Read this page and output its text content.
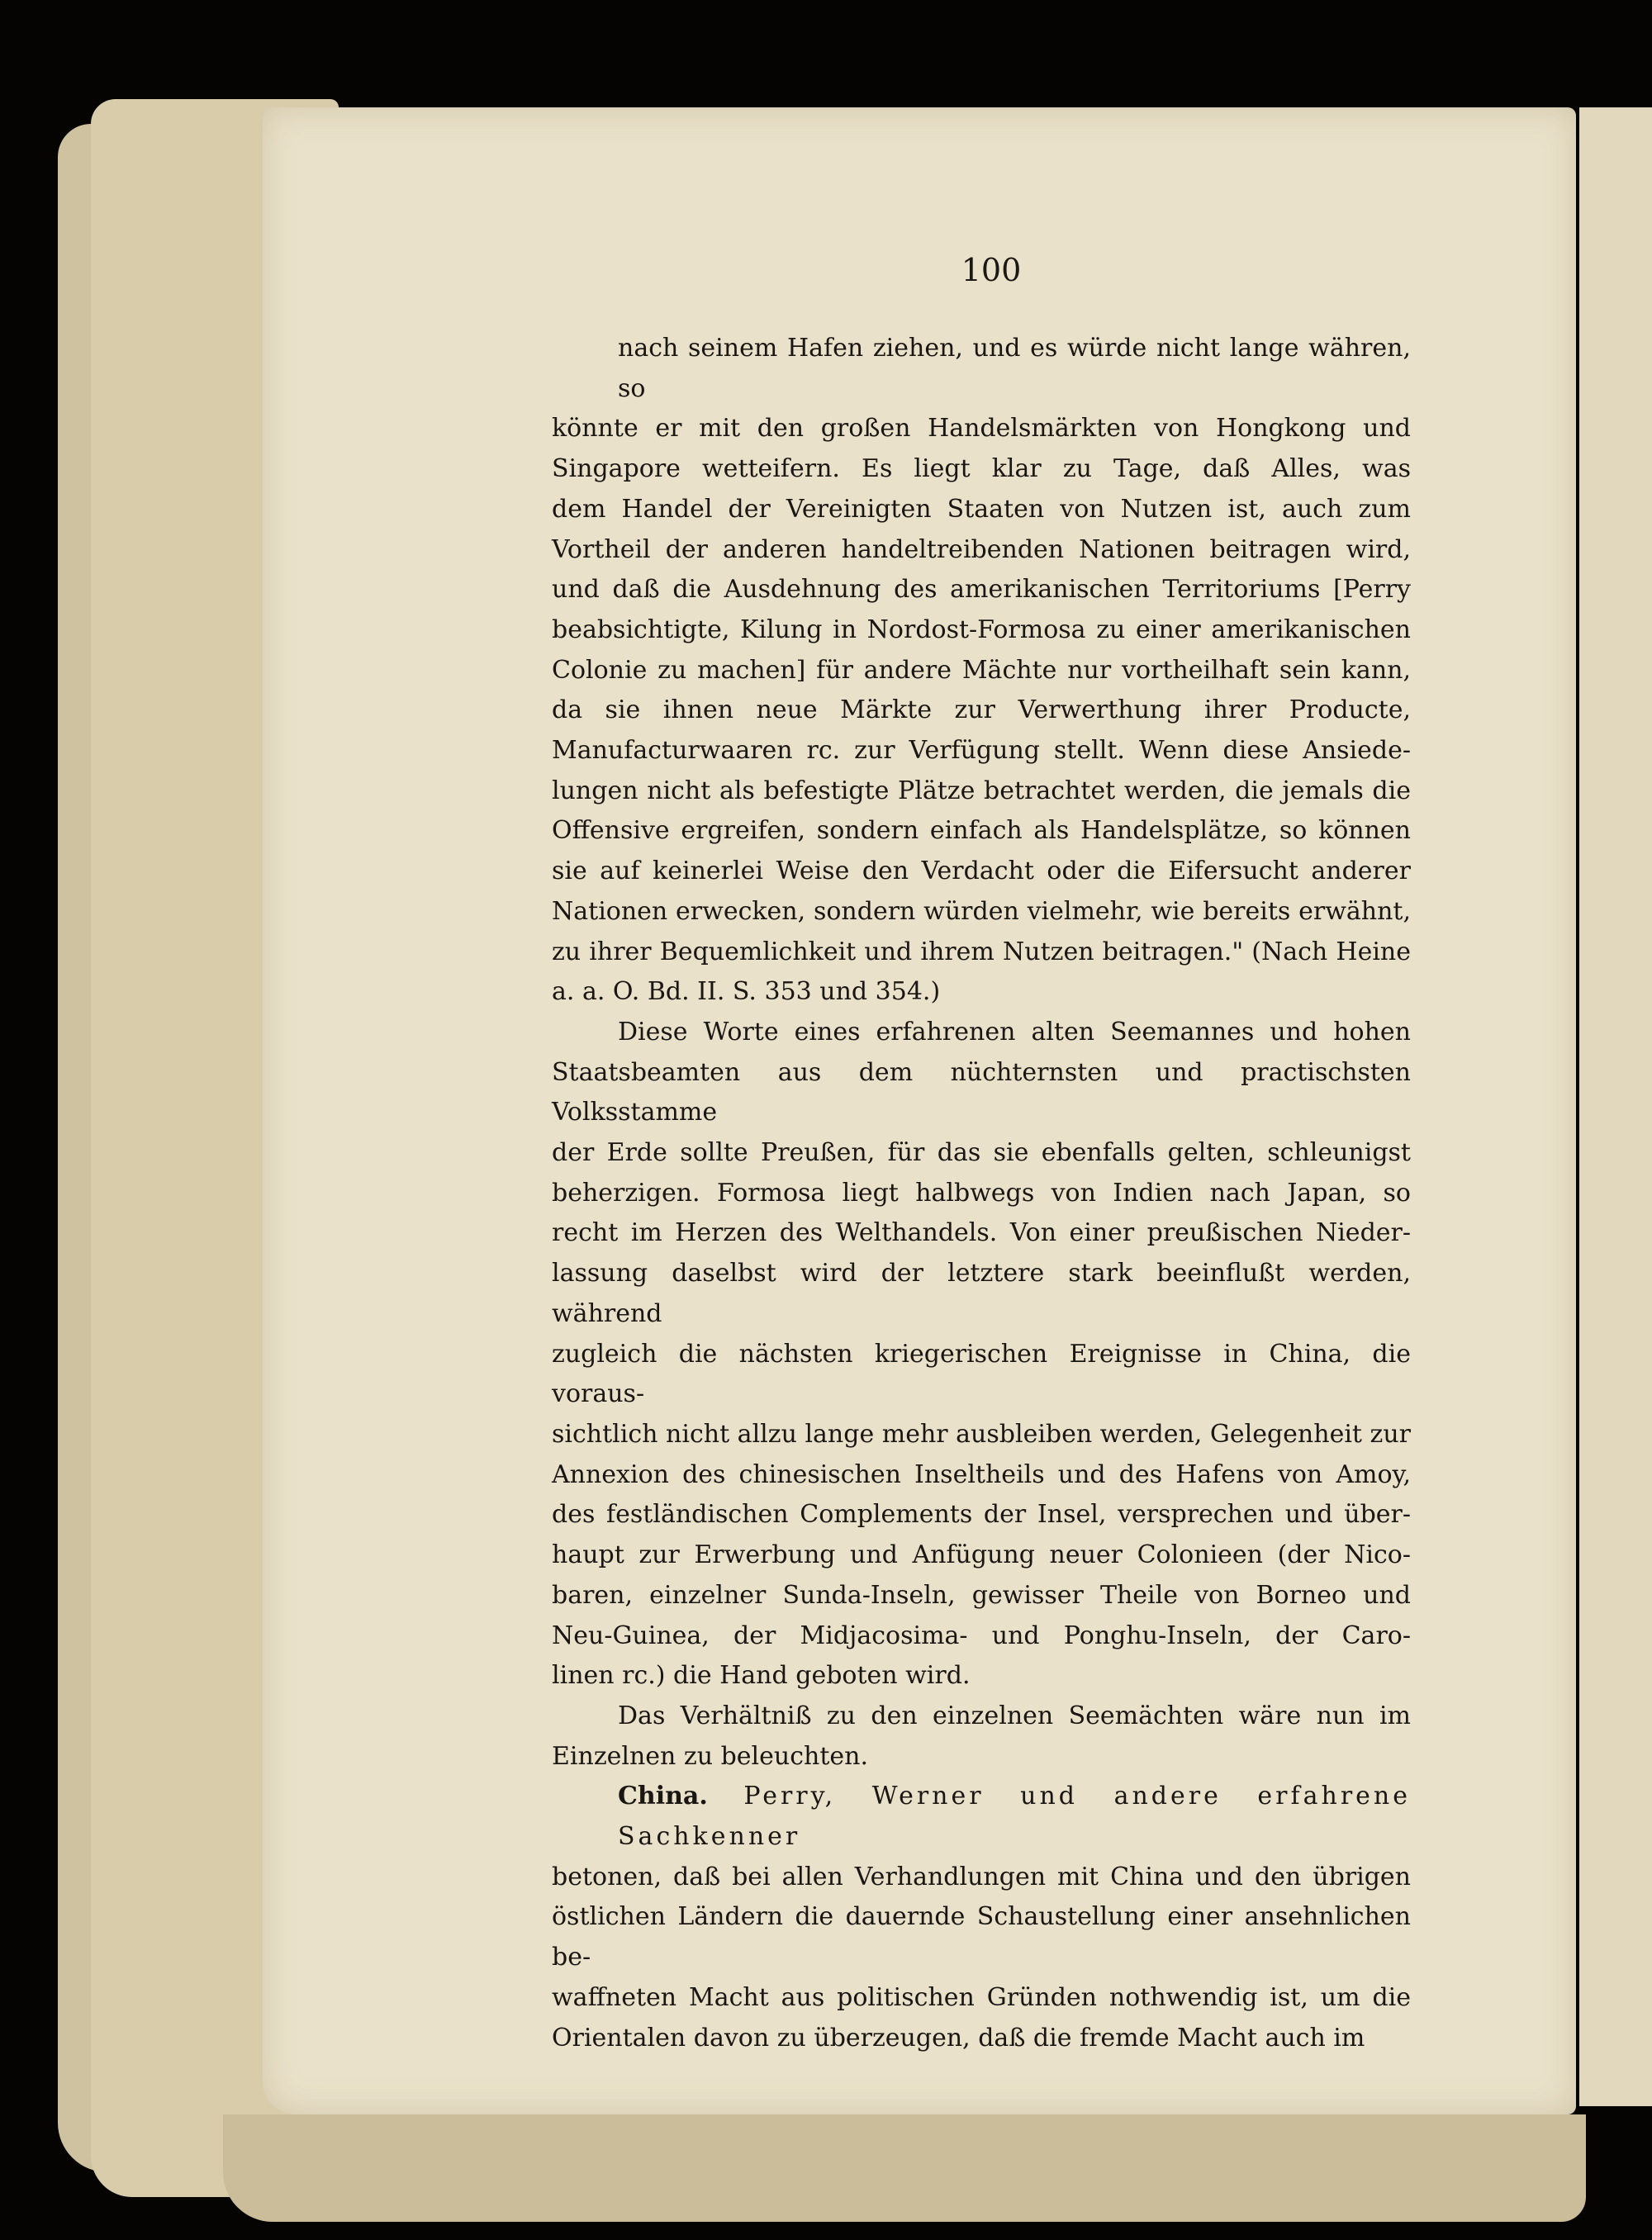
100
nach seinem Hafen ziehen, und es würde nicht lange währen, so
könnte er mit den großen Handelsmärkten von Hongkong und
Singapore wetteifern. Es liegt klar zu Tage, daß Alles, was
dem Handel der Vereinigten Staaten von Nutzen ist, auch zum
Vortheil der anderen handeltreibenden Nationen beitragen wird,
und daß die Ausdehnung des amerikanischen Territoriums [Perry
beabsichtigte, Kilung in Nordost-Formosa zu einer amerikanischen
Colonie zu machen] für andere Mächte nur vortheilhaft sein kann,
da sie ihnen neue Märkte zur Verwerthung ihrer Producte,
Manufacturwaaren rc. zur Verfügung stellt. Wenn diese Ansiede-
lungen nicht als befestigte Plätze betrachtet werden, die jemals die
Offensive ergreifen, sondern einfach als Handelsplätze, so können
sie auf keinerlei Weise den Verdacht oder die Eifersucht anderer
Nationen erwecken, sondern würden vielmehr, wie bereits erwähnt,
zu ihrer Bequemlichkeit und ihrem Nutzen beitragen." (Nach Heine
a. a. O. Bd. II. S. 353 und 354.)
Diese Worte eines erfahrenen alten Seemannes und hohen
Staatsbeamten aus dem nüchternsten und practischsten Volksstamme
der Erde sollte Preußen, für das sie ebenfalls gelten, schleunigst
beherzigen. Formosa liegt halbwegs von Indien nach Japan, so
recht im Herzen des Welthandels. Von einer preußischen Nieder-
lassung daselbst wird der letztere stark beeinflußt werden, während
zugleich die nächsten kriegerischen Ereignisse in China, die voraus-
sichtlich nicht allzu lange mehr ausbleiben werden, Gelegenheit zur
Annexion des chinesischen Inseltheils und des Hafens von Amoy,
des festländischen Complements der Insel, versprechen und über-
haupt zur Erwerbung und Anfügung neuer Colonieen (der Nico-
baren, einzelner Sunda-Inseln, gewisser Theile von Borneo und
Neu-Guinea, der Midjacosima- und Ponghu-Inseln, der Caro-
linen rc.) die Hand geboten wird.
Das Verhältniß zu den einzelnen Seemächten wäre nun im
Einzelnen zu beleuchten.
China. Perry, Werner und andere erfahrene Sachkenner
betonen, daß bei allen Verhandlungen mit China und den übrigen
östlichen Ländern die dauernde Schaustellung einer ansehnlichen be-
waffneten Macht aus politischen Gründen nothwendig ist, um die
Orientalen davon zu überzeugen, daß die fremde Macht auch im
